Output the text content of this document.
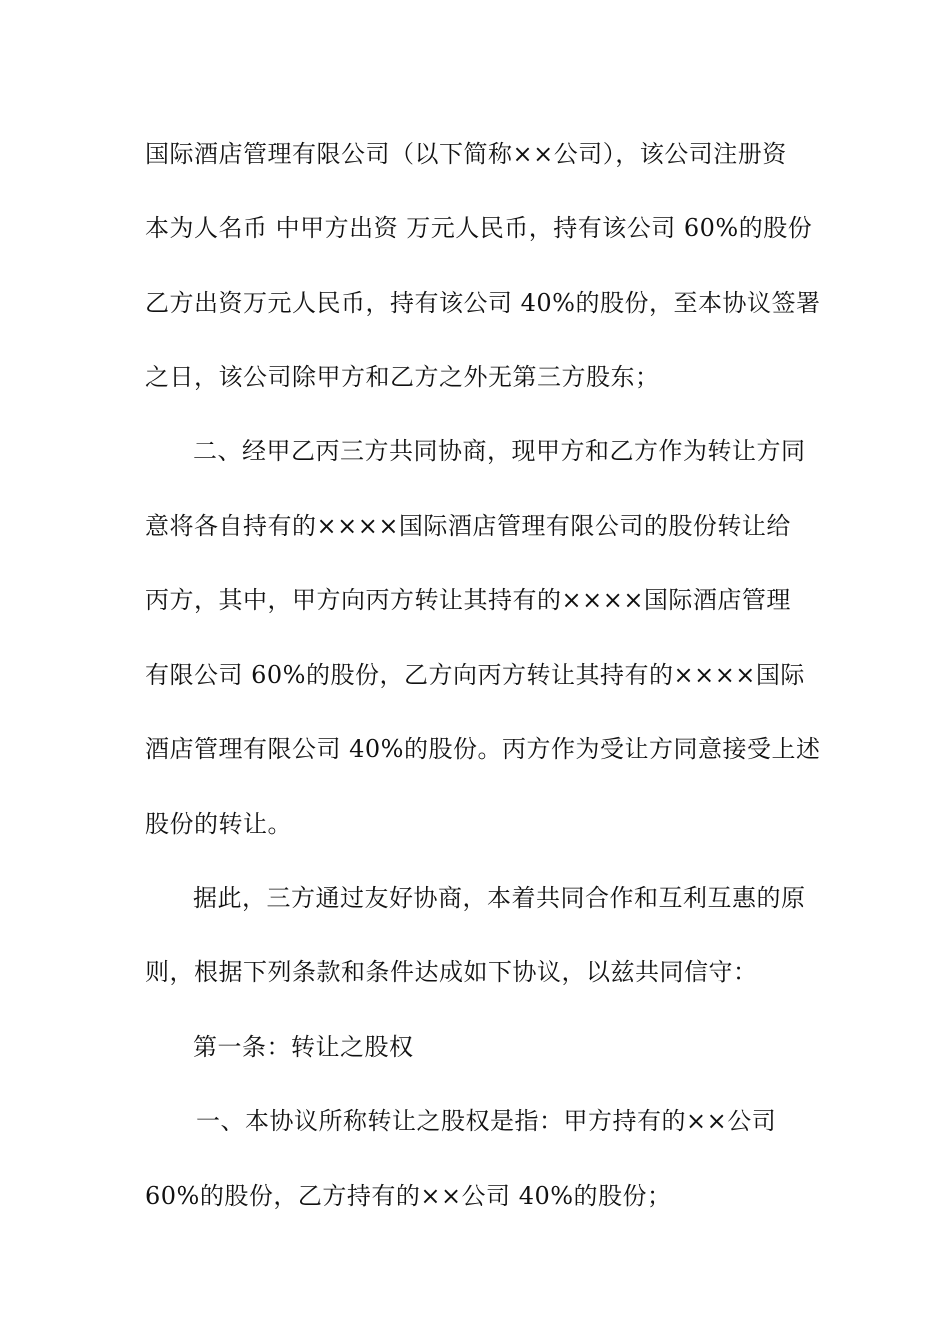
国际酒店管理有限公司（以下简称××公司），该公司注册资
本为人名币 中甲方出资 万元人民币，持有该公司 60%的股份
乙方出资万元人民币，持有该公司 40%的股份，至本协议签署
之日，该公司除甲方和乙方之外无第三方股东；
二、经甲乙丙三方共同协商，现甲方和乙方作为转让方同
意将各自持有的××××国际酒店管理有限公司的股份转让给
丙方，其中，甲方向丙方转让其持有的××××国际酒店管理
有限公司 60%的股份，乙方向丙方转让其持有的××××国际
酒店管理有限公司 40%的股份。丙方作为受让方同意接受上述
股份的转让。
据此，三方通过友好协商，本着共同合作和互利互惠的原
则，根据下列条款和条件达成如下协议，以兹共同信守：
第一条：转让之股权
一、本协议所称转让之股权是指：甲方持有的××公司
60%的股份，乙方持有的××公司 40%的股份；
